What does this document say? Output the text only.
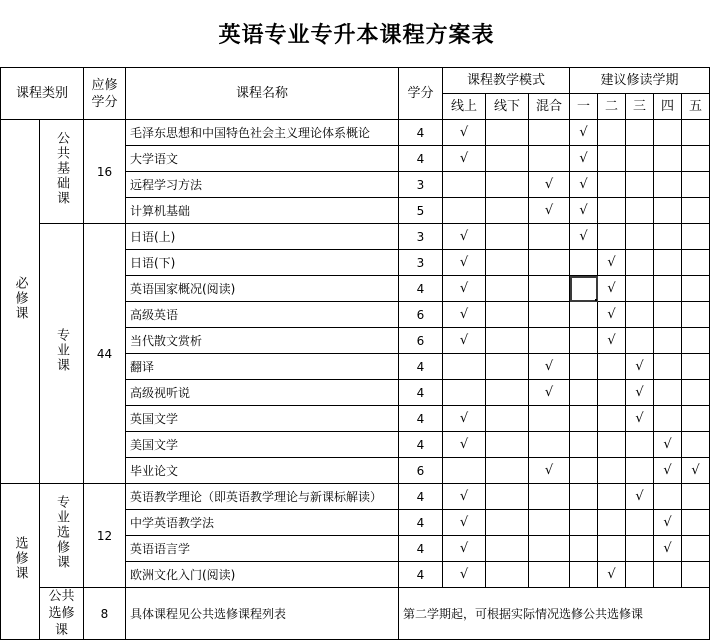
英语专业专升本课程方案表
课程类别		应修学分	课程名称	学分	课程教学模式			建议修读学期				
					线上	线下	混合	一	二	三	四	五
必修课	公共基础课	16	毛泽东思想和中国特色社会主义理论体系概论	4	√			√				
			大学语文	4	√			√				
			远程学习方法	3			√	√				
			计算机基础	5			√	√				
	专业课	44	日语(上)	3	√			√				
			日语(下)	3	√				√			
			英语国家概况(阅读)	4	√				√			
			高级英语	6	√				√			
			当代散文赏析	6	√				√			
			翻译	4			√			√		
			高级视听说	4			√			√		
			英国文学	4	√					√		
			美国文学	4	√						√	
			毕业论文	6			√				√	√
选修课	专业选修课	12	英语教学理论（即英语教学理论与新课标解读）	4	√					√		
			中学英语教学法	4	√						√	
			英语语言学	4	√						√	
			欧洲文化入门(阅读)	4	√				√			

	公共选修课	8	具体课程见公共选修课程列表	第二学期起，可根据实际情况选修公共选修课								
